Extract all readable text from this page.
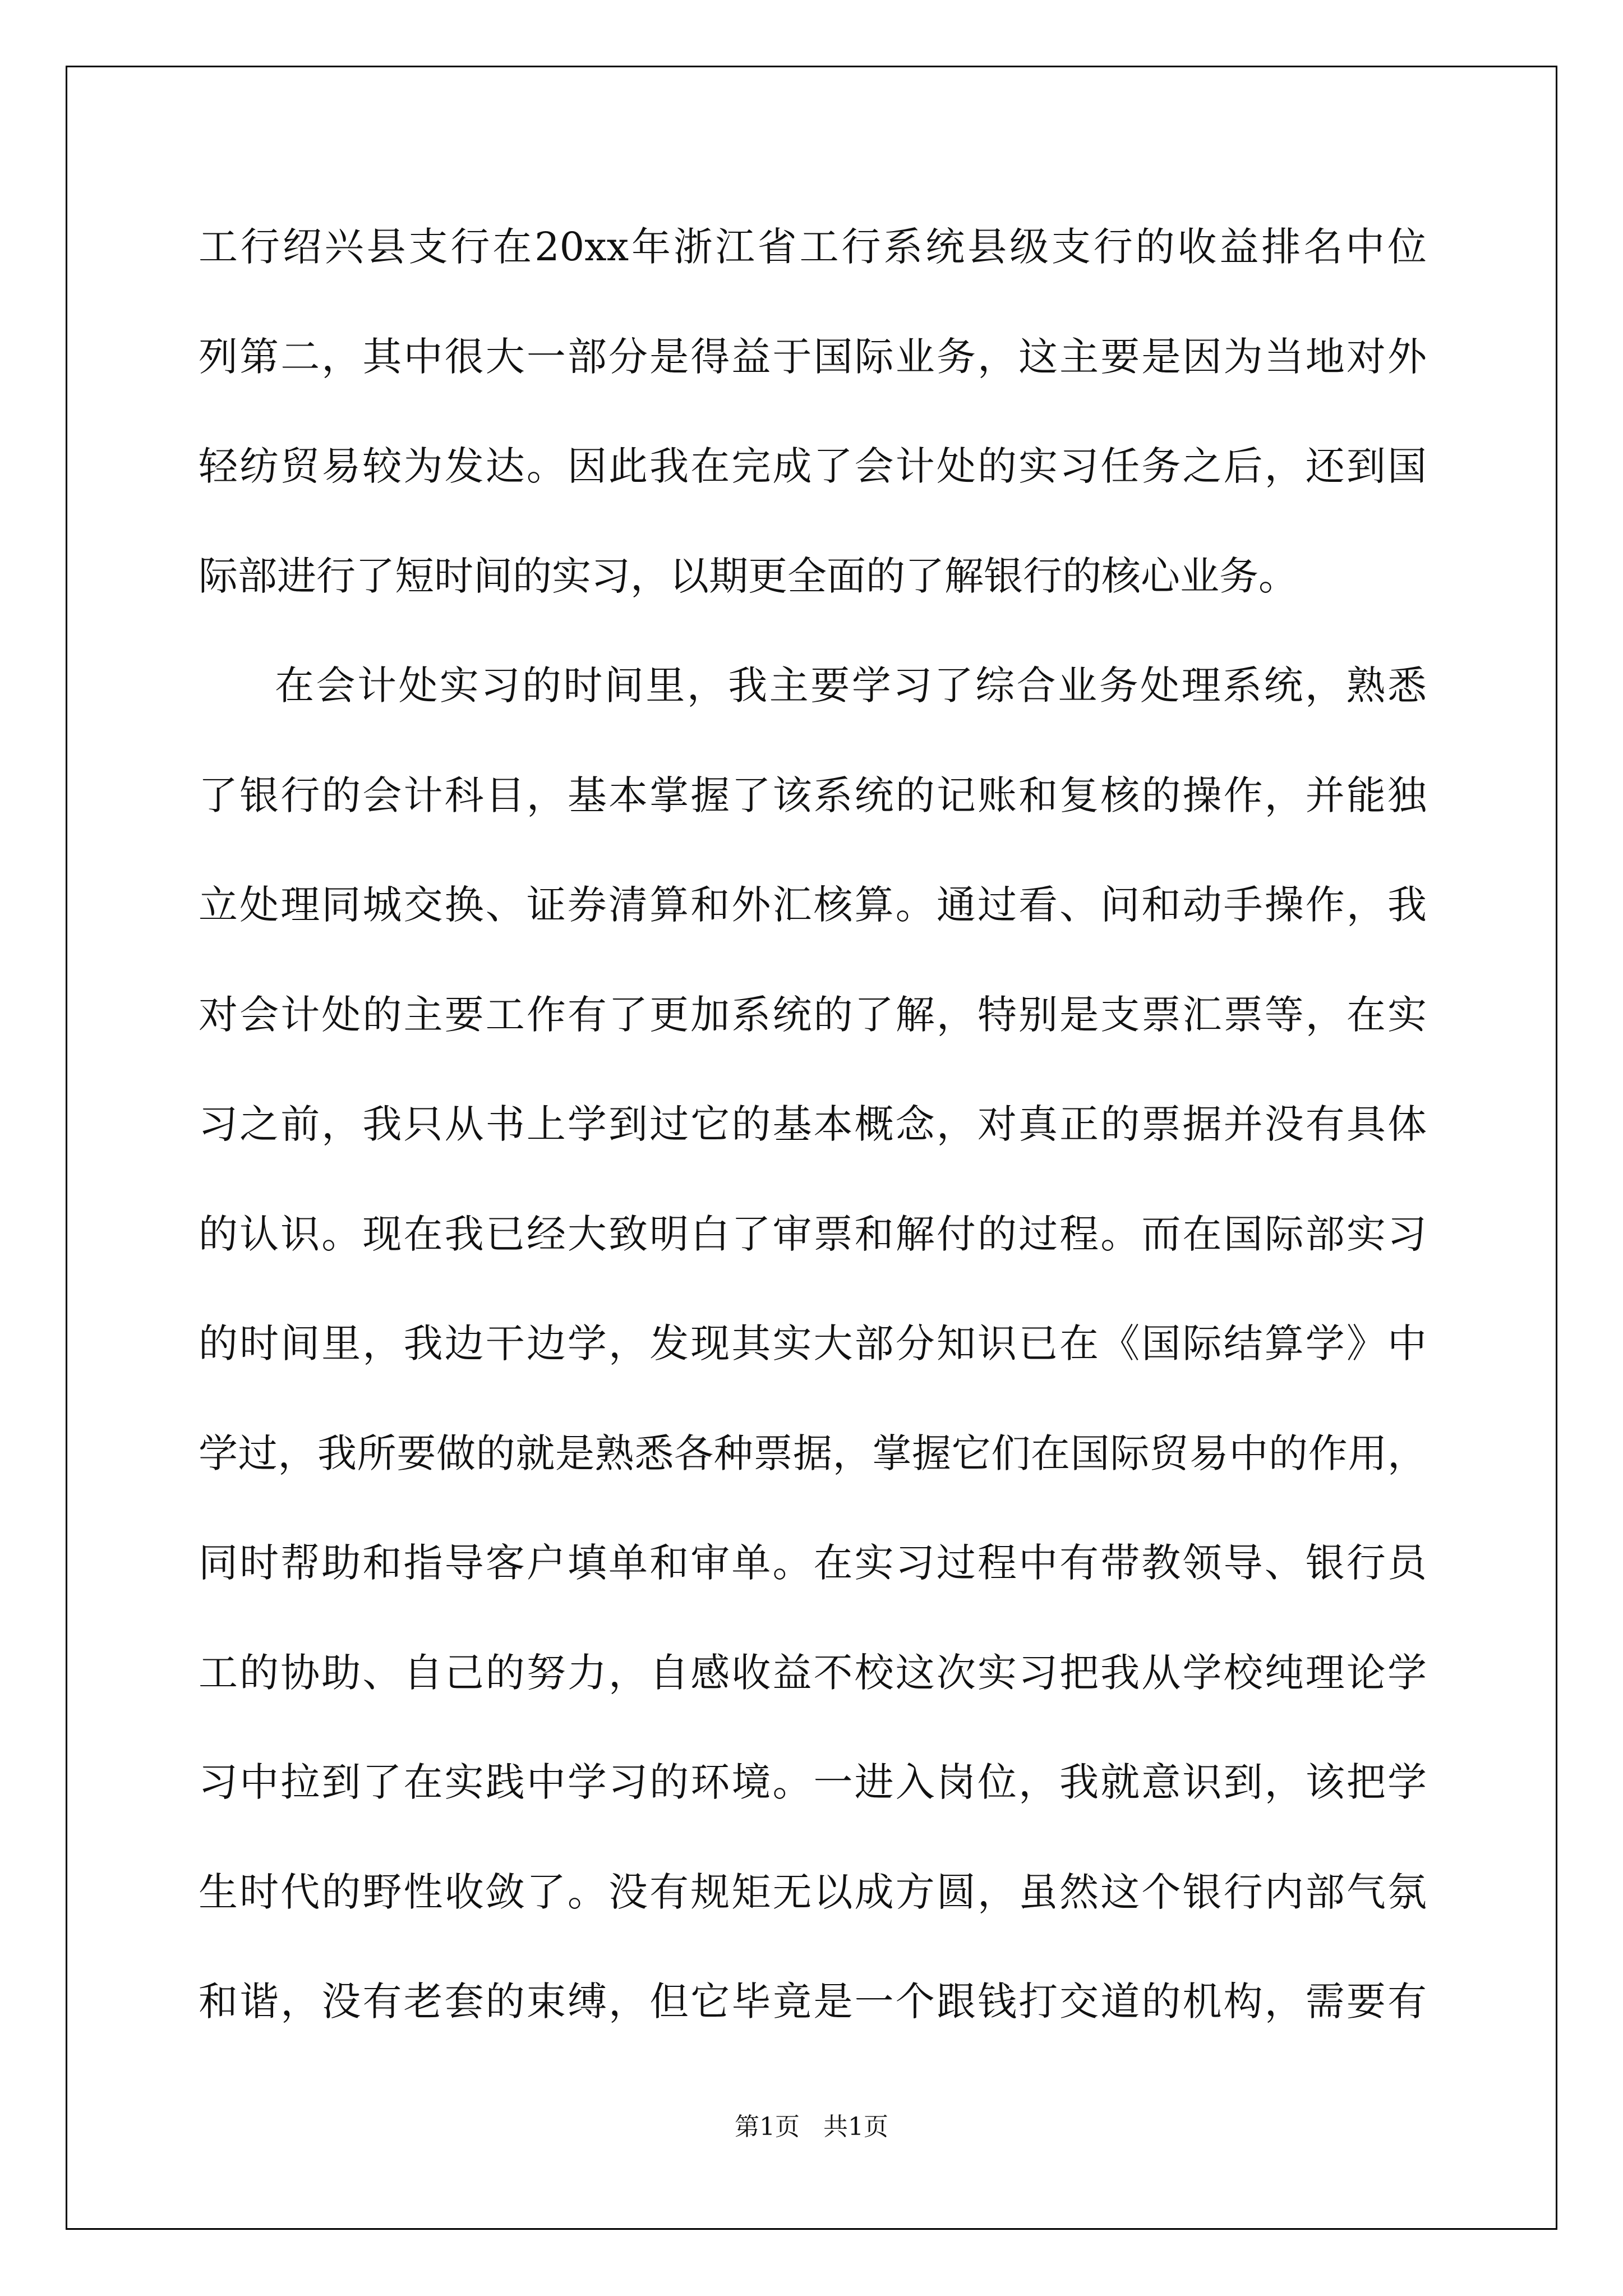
工行绍兴县支行在20xx年浙江省工行系统县级支行的收益排名中位
列第二，其中很大一部分是得益于国际业务，这主要是因为当地对外
轻纺贸易较为发达。因此我在完成了会计处的实习任务之后，还到国
际部进行了短时间的实习，以期更全面的了解银行的核心业务。
在会计处实习的时间里，我主要学习了综合业务处理系统，熟悉
了银行的会计科目，基本掌握了该系统的记账和复核的操作，并能独
立处理同城交换、证券清算和外汇核算。通过看、问和动手操作，我
对会计处的主要工作有了更加系统的了解，特别是支票汇票等，在实
习之前，我只从书上学到过它的基本概念，对真正的票据并没有具体
的认识。现在我已经大致明白了审票和解付的过程。而在国际部实习
的时间里，我边干边学，发现其实大部分知识已在《国际结算学》中
学过，我所要做的就是熟悉各种票据，掌握它们在国际贸易中的作用，
同时帮助和指导客户填单和审单。在实习过程中有带教领导、银行员
工的协助、自己的努力，自感收益不校这次实习把我从学校纯理论学
习中拉到了在实践中学习的环境。一进入岗位，我就意识到，该把学
生时代的野性收敛了。没有规矩无以成方圆，虽然这个银行内部气氛
和谐，没有老套的束缚，但它毕竟是一个跟钱打交道的机构，需要有
第1页 共1页
